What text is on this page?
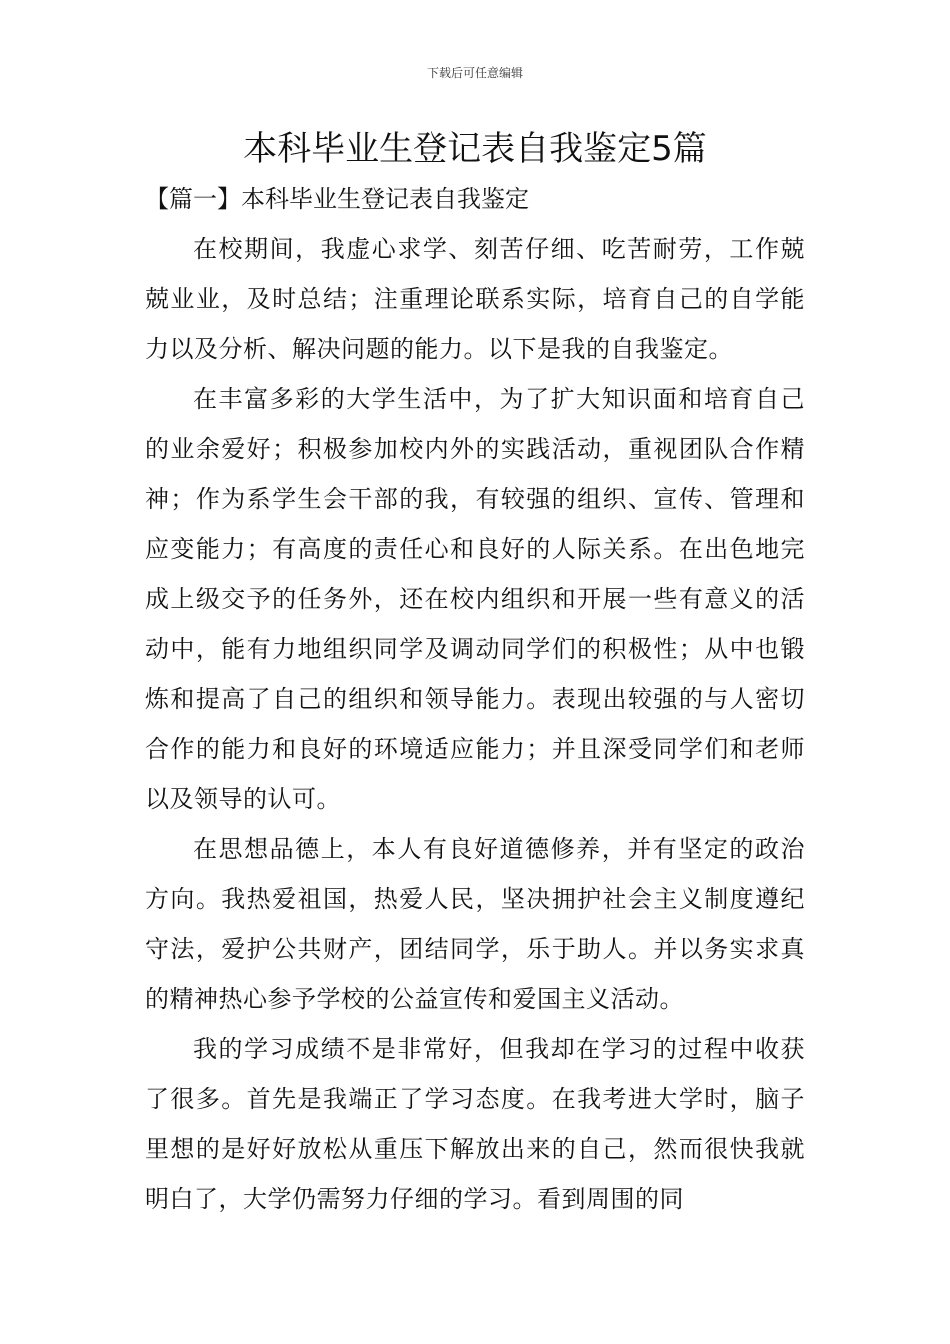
下载后可任意编辑
本科毕业生登记表自我鉴定5篇
【篇一】本科毕业生登记表自我鉴定

在校期间，我虚心求学、刻苦仔细、吃苦耐劳，工作兢兢业业，及时总结；注重理论联系实际，培育自己的自学能力以及分析、解决问题的能力。以下是我的自我鉴定。

在丰富多彩的大学生活中，为了扩大知识面和培育自己的业余爱好；积极参加校内外的实践活动，重视团队合作精神；作为系学生会干部的我，有较强的组织、宣传、管理和应变能力；有高度的责任心和良好的人际关系。在出色地完成上级交予的任务外，还在校内组织和开展一些有意义的活动中，能有力地组织同学及调动同学们的积极性；从中也锻炼和提高了自己的组织和领导能力。表现出较强的与人密切合作的能力和良好的环境适应能力；并且深受同学们和老师以及领导的认可。

在思想品德上，本人有良好道德修养，并有坚定的政治方向。我热爱祖国，热爱人民，坚决拥护社会主义制度遵纪守法，爱护公共财产，团结同学，乐于助人。并以务实求真的精神热心参予学校的公益宣传和爱国主义活动。

我的学习成绩不是非常好，但我却在学习的过程中收获了很多。首先是我端正了学习态度。在我考进大学时，脑子里想的是好好放松从重压下解放出来的自己，然而很快我就明白了，大学仍需努力仔细的学习。看到周围的同
